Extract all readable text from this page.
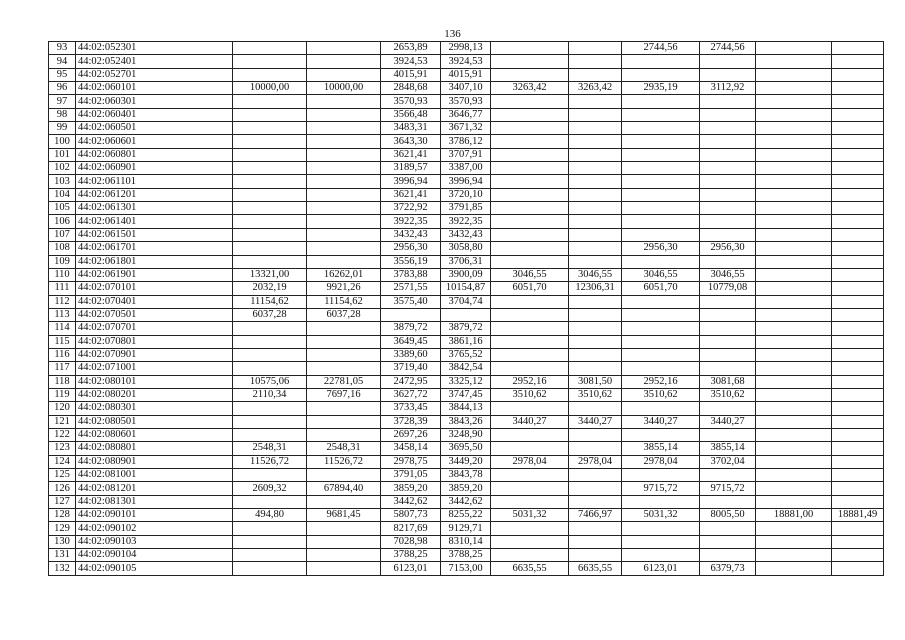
136
93	44:02:052301			2653,89	2998,13			2744,56	2744,56		
94	44:02:052401			3924,53	3924,53						
95	44:02:052701			4015,91	4015,91						
96	44:02:060101	10000,00	10000,00	2848,68	3407,10	3263,42	3263,42	2935,19	3112,92		
97	44:02:060301			3570,93	3570,93						
98	44:02:060401			3566,48	3646,77						
99	44:02:060501			3483,31	3671,32						
100	44:02:060601			3643,30	3786,12						
101	44:02:060801			3621,41	3707,91						
102	44:02:060901			3189,57	3387,00						
103	44:02:061101			3996,94	3996,94						
104	44:02:061201			3621,41	3720,10						
105	44:02:061301			3722,92	3791,85						
106	44:02:061401			3922,35	3922,35						
107	44:02:061501			3432,43	3432,43						
108	44:02:061701			2956,30	3058,80			2956,30	2956,30		
109	44:02:061801			3556,19	3706,31						
110	44:02:061901	13321,00	16262,01	3783,88	3900,09	3046,55	3046,55	3046,55	3046,55		
111	44:02:070101	2032,19	9921,26	2571,55	10154,87	6051,70	12306,31	6051,70	10779,08		
112	44:02:070401	11154,62	11154,62	3575,40	3704,74						
113	44:02:070501	6037,28	6037,28								
114	44:02:070701			3879,72	3879,72						
115	44:02:070801			3649,45	3861,16						
116	44:02:070901			3389,60	3765,52						
117	44:02:071001			3719,40	3842,54						
118	44:02:080101	10575,06	22781,05	2472,95	3325,12	2952,16	3081,50	2952,16	3081,68		
119	44:02:080201	2110,34	7697,16	3627,72	3747,45	3510,62	3510,62	3510,62	3510,62		
120	44:02:080301			3733,45	3844,13						
121	44:02:080501			3728,39	3843,26	3440,27	3440,27	3440,27	3440,27		
122	44:02:080601			2697,26	3248,90						
123	44:02:080801	2548,31	2548,31	3458,14	3695,50			3855,14	3855,14		
124	44:02:080901	11526,72	11526,72	2978,75	3449,20	2978,04	2978,04	2978,04	3702,04		
125	44:02:081001			3791,05	3843,78						
126	44:02:081201	2609,32	67894,40	3859,20	3859,20			9715,72	9715,72		
127	44:02:081301			3442,62	3442,62						
128	44:02:090101	494,80	9681,45	5807,73	8255,22	5031,32	7466,97	5031,32	8005,50	18881,00	18881,49
129	44:02:090102			8217,69	9129,71						
130	44:02:090103			7028,98	8310,14						
131	44:02:090104			3788,25	3788,25						
132	44:02:090105			6123,01	7153,00	6635,55	6635,55	6123,01	6379,73		
